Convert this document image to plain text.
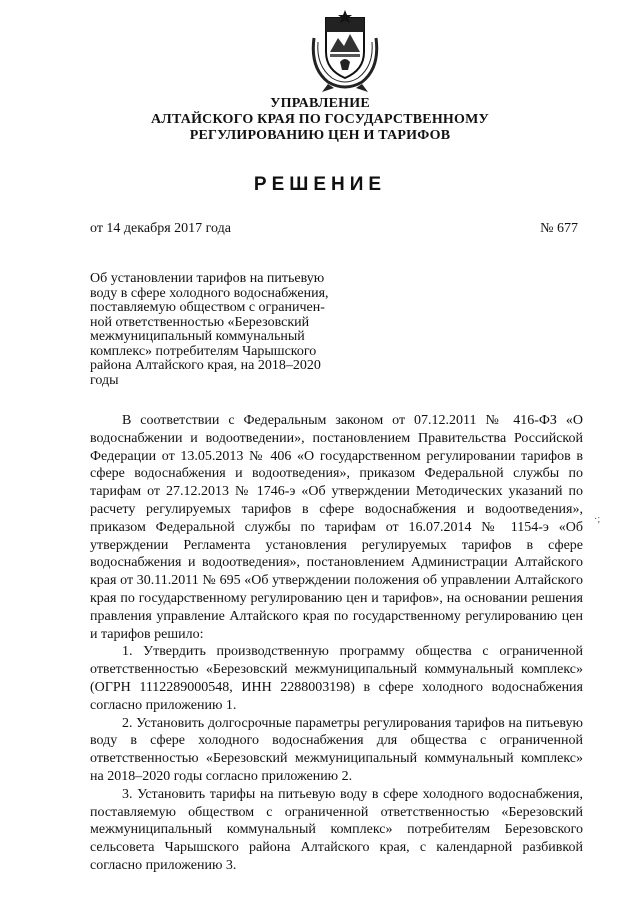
УПРАВЛЕНИЕ
АЛТАЙСКОГО КРАЯ ПО ГОСУДАРСТВЕННОМУ
РЕГУЛИРОВАНИЮ ЦЕН И ТАРИФОВ
РЕШЕНИЕ
от 14 декабря 2017 года	№ 677
Об установлении тарифов на питьевую
воду в сфере холодного водоснабжения,
поставляемую обществом с ограничен-
ной ответственностью «Березовский
межмуниципальный коммунальный
комплекс» потребителям Чарышского
района Алтайского края, на 2018–2020
годы

В соответствии с Федеральным законом от 07.12.2011 № 416-ФЗ «О водоснабжении и водоотведении», постановлением Правительства Российской Федерации от 13.05.2013 № 406 «О государственном регулировании тарифов в сфере водоснабжения и водоотведения», приказом Федеральной службы по тарифам от 27.12.2013 № 1746-э «Об утверждении Методических указаний по расчету регулируемых тарифов в сфере водоснабжения и водоотведения», приказом Федеральной службы по тарифам от 16.07.2014 № 1154-э «Об утверждении Регламента установления регулируемых тарифов в сфере водоснабжения и водоотведения», постановлением Администрации Алтайского края от 30.11.2011 № 695 «Об утверждении положения об управлении Алтайского края по государственному регулированию цен и тарифов», на основании решения правления управление Алтайского края по государственному регулированию цен и тарифов решило:

1. Утвердить производственную программу общества с ограниченной ответственностью «Березовский межмуниципальный коммунальный комплекс» (ОГРН 1112289000548, ИНН 2288003198) в сфере холодного водоснабжения согласно приложению 1.

2. Установить долгосрочные параметры регулирования тарифов на питьевую воду в сфере холодного водоснабжения для общества с ограниченной ответственностью «Березовский межмуниципальный коммунальный комплекс» на 2018–2020 годы согласно приложению 2.

3. Установить тарифы на питьевую воду в сфере холодного водоснабжения, поставляемую обществом с ограниченной ответственностью «Березовский межмуниципальный коммунальный комплекс» потребителям Березовского сельсовета Чарышского района Алтайского края, с календарной разбивкой согласно приложению 3.

·;
